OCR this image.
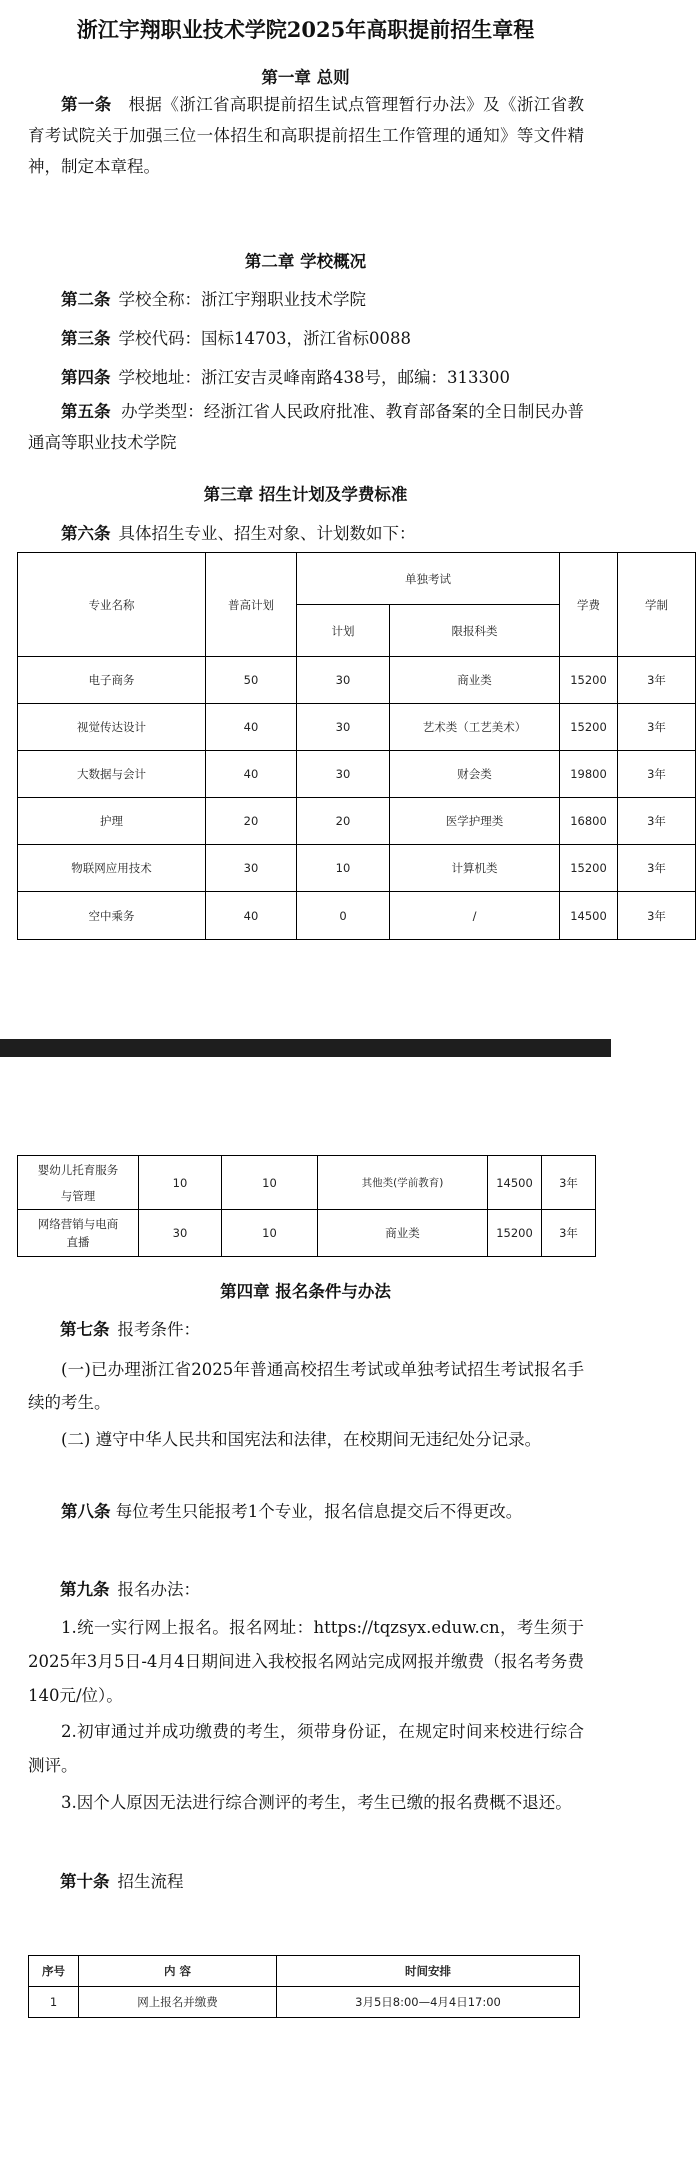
浙江宇翔职业技术学院2025年高职提前招生章程
第一章 总则

第一条 根据《浙江省高职提前招生试点管理暂行办法》及《浙江省教育考试院关于加强三位一体招生和高职提前招生工作管理的通知》等文件精神，制定本章程。

第二章 学校概况
第二条 学校全称：浙江宇翔职业技术学院
第三条 学校代码：国标14703，浙江省标0088
第四条 学校地址：浙江安吉灵峰南路438号，邮编：313300

第五条 办学类型：经浙江省人民政府批准、教育部备案的全日制民办普通高等职业技术学院

第三章 招生计划及学费标准
第六条 具体招生专业、招生对象、计划数如下：
专业名称	普高计划	单独考试		学费	学制
		计划	限报科类		
电子商务	50	30	商业类	15200	3年
视觉传达设计	40	30	艺术类（工艺美术）	15200	3年
大数据与会计	40	30	财会类	19800	3年
护理	20	20	医学护理类	16800	3年
物联网应用技术	30	10	计算机类	15200	3年
空中乘务	40	0	/	14500	3年
婴幼儿托育服务
与管理	10	10	其他类(学前教育)	14500	3年
网络营销与电商
直播	30	10	商业类	15200	3年
第四章 报名条件与办法
第七条 报考条件：

(一)已办理浙江省2025年普通高校招生考试或单独考试招生考试报名手续的考生。

(二) 遵守中华人民共和国宪法和法律，在校期间无违纪处分记录。

第八条 每位考生只能报考1个专业，报名信息提交后不得更改。

第九条 报名办法：

1.统一实行网上报名。报名网址：https://tqzsyx.eduw.cn，考生须于2025年3月5日-4月4日期间进入我校报名网站完成网报并缴费（报名考务费140元/位）。

2.初审通过并成功缴费的考生，须带身份证，在规定时间来校进行综合测评。

3.因个人原因无法进行综合测评的考生，考生已缴的报名费概不退还。

第十条 招生流程
序号	内 容	时间安排
1	网上报名并缴费	3月5日8:00—4月4日17:00
